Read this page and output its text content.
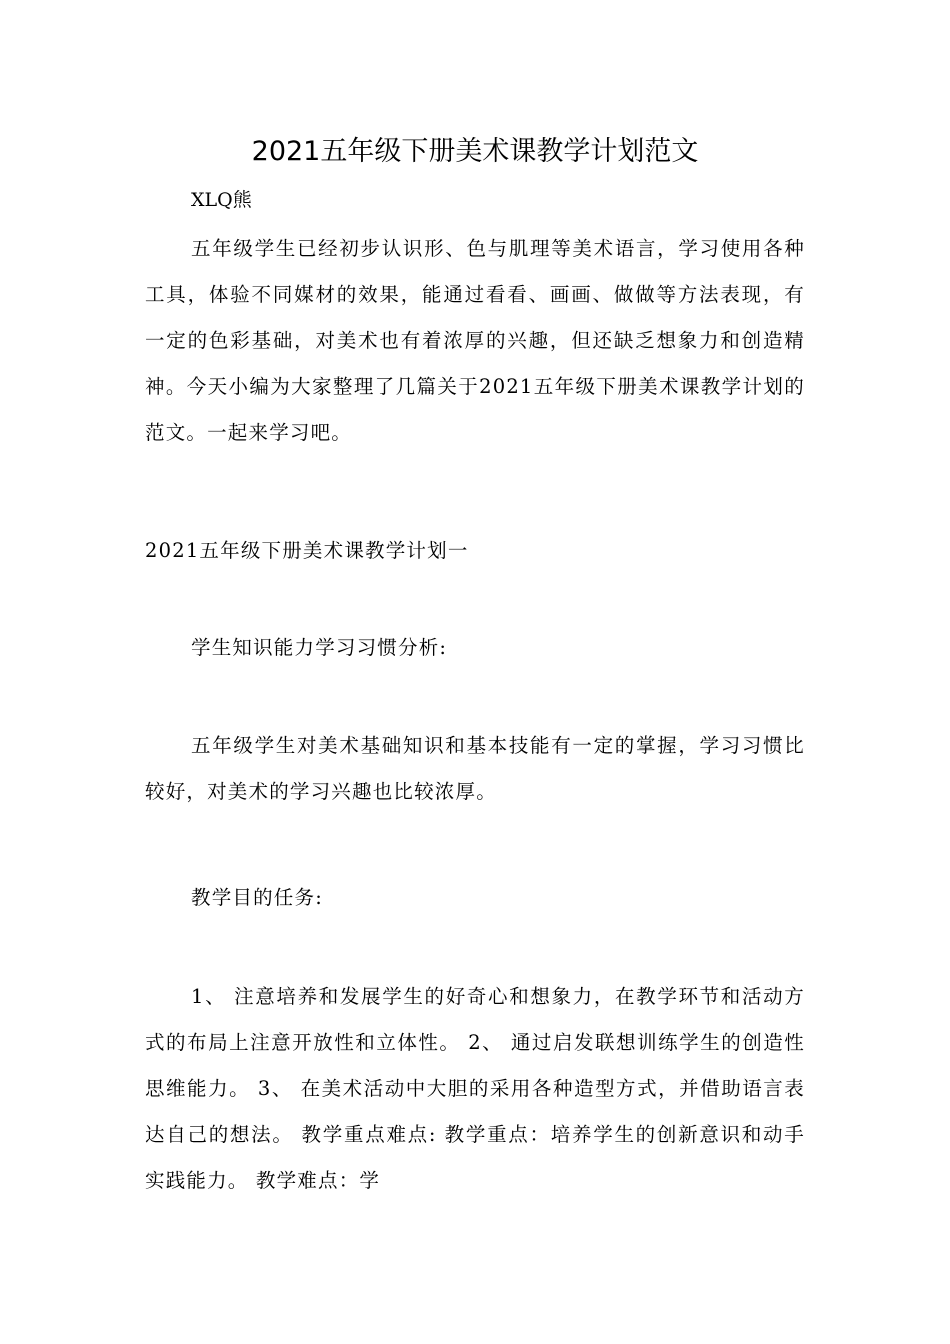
2021五年级下册美术课教学计划范文

XLQ熊

五年级学生已经初步认识形、色与肌理等美术语言，学习使用各种工具，体验不同媒材的效果，能通过看看、画画、做做等方法表现，有一定的色彩基础，对美术也有着浓厚的兴趣，但还缺乏想象力和创造精神。今天小编为大家整理了几篇关于2021五年级下册美术课教学计划的范文。一起来学习吧。

2021五年级下册美术课教学计划一

学生知识能力学习习惯分析:

五年级学生对美术基础知识和基本技能有一定的掌握，学习习惯比较好，对美术的学习兴趣也比较浓厚。

教学目的任务:

1、 注意培养和发展学生的好奇心和想象力，在教学环节和活动方式的布局上注意开放性和立体性。 2、 通过启发联想训练学生的创造性思维能力。 3、 在美术活动中大胆的采用各种造型方式，并借助语言表达自己的想法。 教学重点难点: 教学重点：培养学生的创新意识和动手实践能力。 教学难点：学
